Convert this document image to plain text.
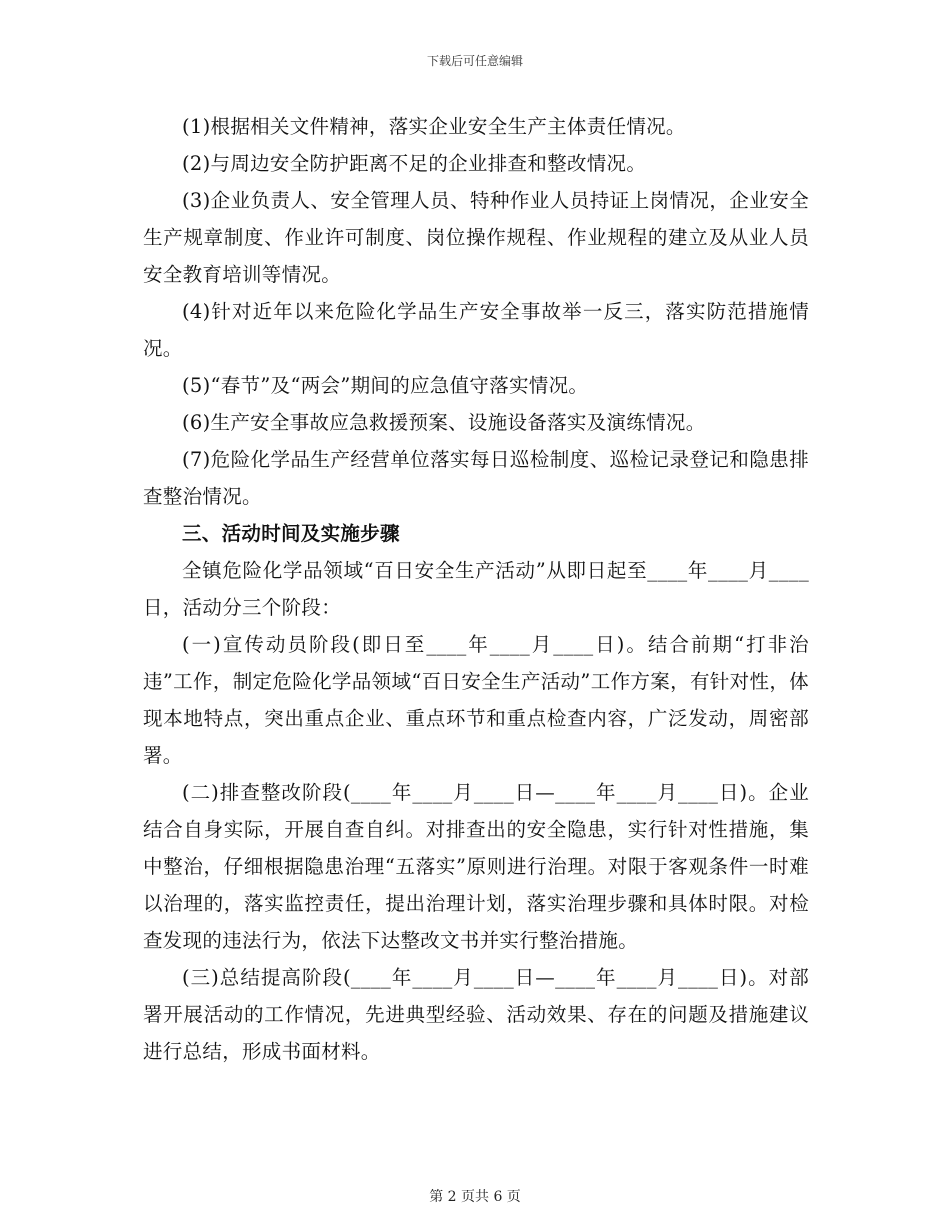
下载后可任意编辑

(1)根据相关文件精神，落实企业安全生产主体责任情况。

(2)与周边安全防护距离不足的企业排查和整改情况。

(3)企业负责人、安全管理人员、特种作业人员持证上岗情况，企业安全生产规章制度、作业许可制度、岗位操作规程、作业规程的建立及从业人员安全教育培训等情况。

(4)针对近年以来危险化学品生产安全事故举一反三，落实防范措施情况。

(5)“春节”及“两会”期间的应急值守落实情况。

(6)生产安全事故应急救援预案、设施设备落实及演练情况。

(7)危险化学品生产经营单位落实每日巡检制度、巡检记录登记和隐患排查整治情况。

三、活动时间及实施步骤

全镇危险化学品领域“百日安全生产活动”从即日起至____年____月____日，活动分三个阶段：

(一)宣传动员阶段(即日至____年____月____日)。结合前期“打非治违”工作，制定危险化学品领域“百日安全生产活动”工作方案，有针对性，体现本地特点，突出重点企业、重点环节和重点检查内容，广泛发动，周密部署。

(二)排查整改阶段(____年____月____日—____年____月____日)。企业结合自身实际，开展自查自纠。对排查出的安全隐患，实行针对性措施，集中整治，仔细根据隐患治理“五落实”原则进行治理。对限于客观条件一时难以治理的，落实监控责任，提出治理计划，落实治理步骤和具体时限。对检查发现的违法行为，依法下达整改文书并实行整治措施。

(三)总结提高阶段(____年____月____日—____年____月____日)。对部署开展活动的工作情况，先进典型经验、活动效果、存在的问题及措施建议进行总结，形成书面材料。

第 2 页共 6 页
